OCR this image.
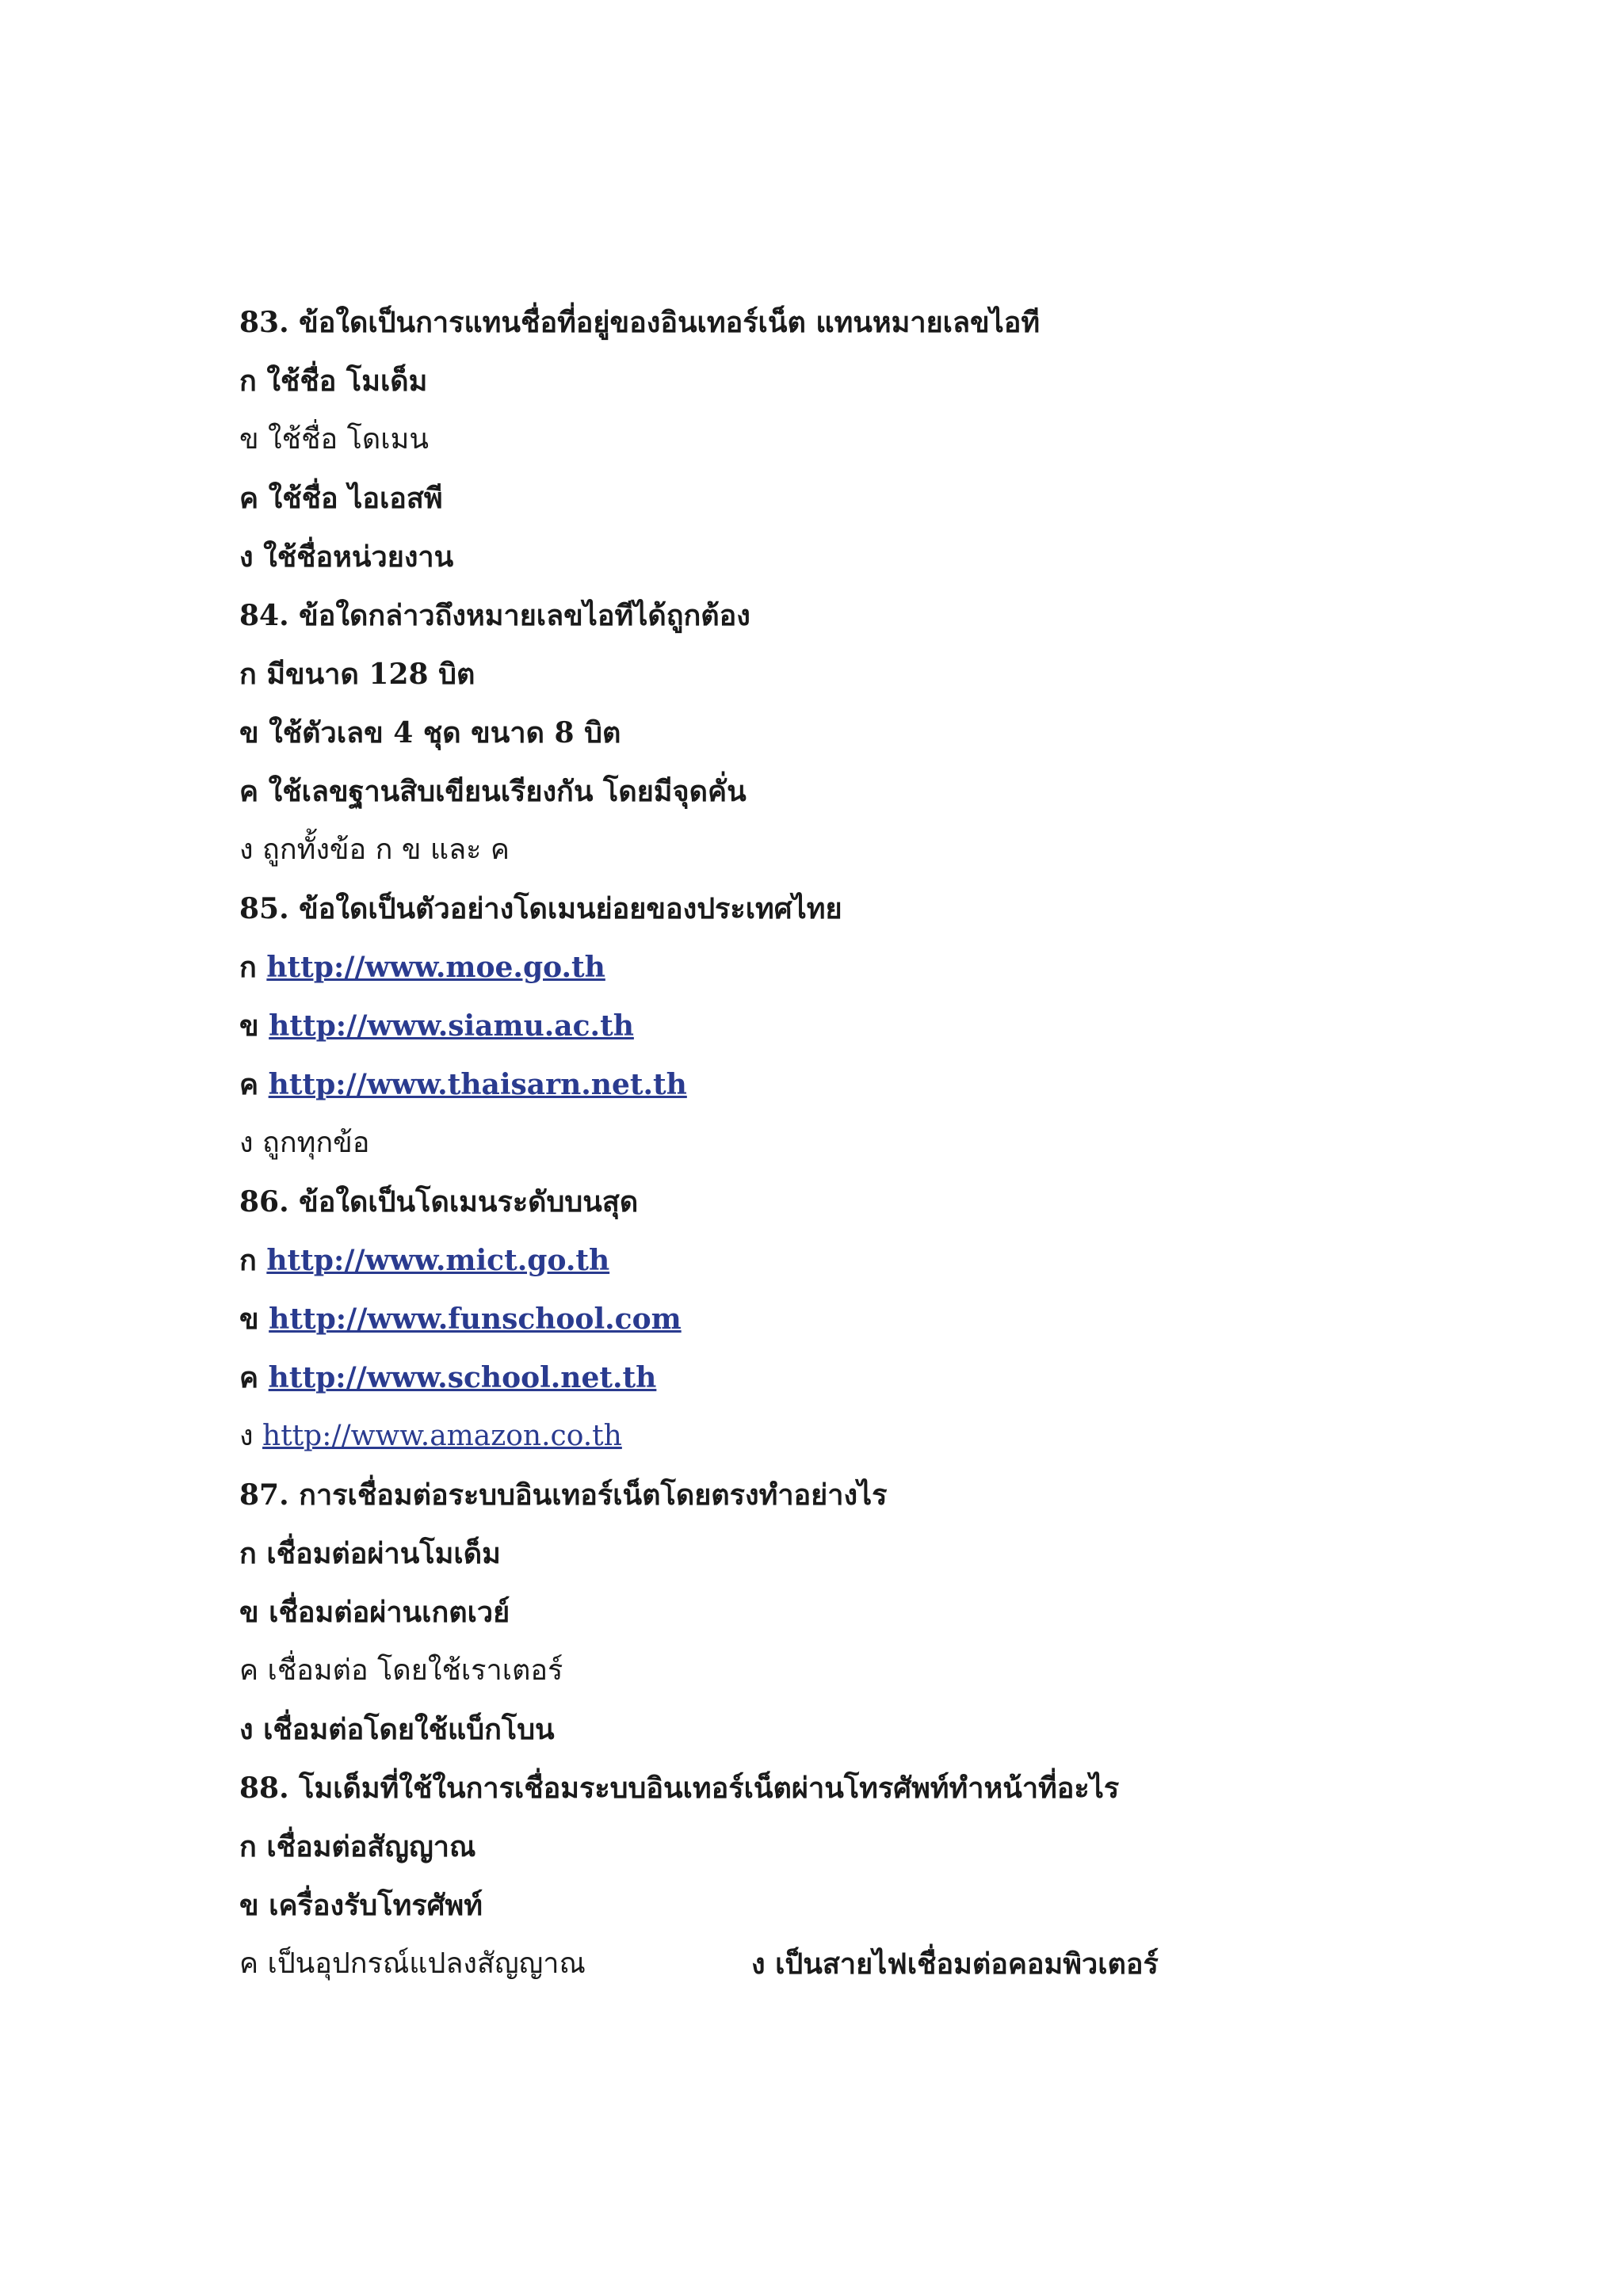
83. ข้อใดเป็นการแทนชื่อที่อยู่ของอินเทอร์เน็ต แทนหมายเลขไอที
ก ใช้ชื่อ โมเด็ม
ข ใช้ชื่อ โดเมน
ค ใช้ชื่อ ไอเอสพี
ง ใช้ชื่อหน่วยงาน
84. ข้อใดกล่าวถึงหมายเลขไอทีได้ถูกต้อง
ก มีขนาด 128 บิต
ข ใช้ตัวเลข 4 ชุด ขนาด 8 บิต
ค ใช้เลขฐานสิบเขียนเรียงกัน โดยมีจุดคั่น
ง ถูกทั้งข้อ ก ข และ ค
85. ข้อใดเป็นตัวอย่างโดเมนย่อยของประเทศไทย
ก http://www.moe.go.th
ข http://www.siamu.ac.th
ค http://www.thaisarn.net.th
ง ถูกทุกข้อ
86. ข้อใดเป็นโดเมนระดับบนสุด
ก http://www.mict.go.th
ข http://www.funschool.com
ค http://www.school.net.th
ง http://www.amazon.co.th
87. การเชื่อมต่อระบบอินเทอร์เน็ตโดยตรงทำอย่างไร
ก เชื่อมต่อผ่านโมเด็ม
ข เชื่อมต่อผ่านเกตเวย์
ค เชื่อมต่อ โดยใช้เราเตอร์
ง เชื่อมต่อโดยใช้แบ็กโบน
88. โมเด็มที่ใช้ในการเชื่อมระบบอินเทอร์เน็ตผ่านโทรศัพท์ทำหน้าที่อะไร
ก เชื่อมต่อสัญญาณ
ข เครื่องรับโทรศัพท์
ค เป็นอุปกรณ์แปลงสัญญาณ	ง เป็นสายไฟเชื่อมต่อคอมพิวเตอร์
